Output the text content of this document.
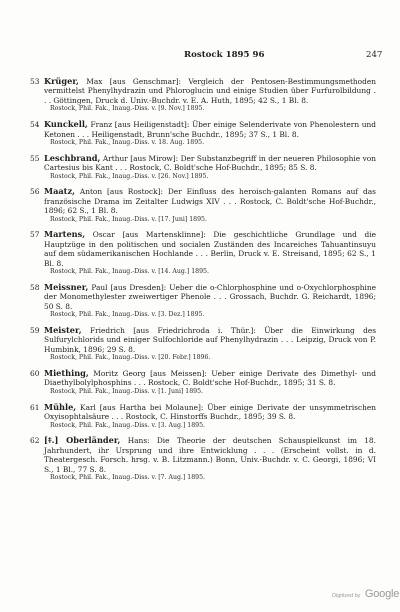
Rostock 1895 96	247
53 Krüger, Max [aus Genschmar]: Vergleich der Pentosen-Bestimmungsmethoden vermittelst Phenylhydrazin und Phloroglucin und einige Studien über Furfurolbildung . . . Göttingen, Druck d. Univ.-Buchdr. v. E. A. Huth, 1895; 42 S., 1 Bl. 8.
Rostock, Phil. Fak., Inaug.-Diss. v. [9. Nov.] 1895.
54 Kunckell, Franz [aus Heiligenstadt]: Über einige Selenderivate von Phenolestern und Ketonen . . . Heiligenstadt, Brunn'sche Buchdr., 1895; 37 S., 1 Bl. 8.
Rostock, Phil. Fak., Inaug.-Diss. v. 18. Aug. 1895.
55 Leschbrand, Arthur [aus Mirow]: Der Substanzbegriff in der neueren Philosophie von Cartesius bis Kant . . . Rostock, C. Boldt'sche Hof-Buchdr., 1895; 85 S. 8.
Rostock, Phil. Fak., Inaug.-Diss. v. [26. Nov.] 1895.
56 Maatz, Anton [aus Rostock]: Der Einfluss des heroisch-galanten Romans auf das französische Drama im Zeitalter Ludwigs XIV . . . Rostock, C. Boldt'sche Hof-Buchdr., 1896; 62 S., 1 Bl. 8.
Rostock, Phil. Fak., Inaug.-Diss. v. [17. Juni] 1895.
57 Martens, Oscar [aus Martensklinne]: Die geschichtliche Grundlage und die Hauptzüge in den politischen und socialen Zuständen des Incareiches Tahuantinsuyu auf dem südamerikanischen Hochlande . . . Berlin, Druck v. E. Streisand, 1895; 62 S., 1 Bl. 8.
Rostock, Phil. Fak., Inaug.-Diss. v. [14. Aug.] 1895.
58 Meissner, Paul [aus Dresden]: Ueber die o-Chlorphosphine und o-Oxychlorphosphine der Monomethylester zweiwertiger Phenole . . . Grossach, Buchdr. G. Reichardt, 1896; 50 S. 8.
Rostock, Phil. Fak., Inaug.-Diss. v. [3. Dez.] 1895.
59 Meister, Friedrich [aus Friedrichroda i. Thür.]: Über die Einwirkung des Sulfurylchlorids und einiger Sulfochloride auf Phenylhydrazin . . . Leipzig, Druck von P. Humbink, 1896; 29 S. 8.
Rostock, Phil. Fak., Inaug.-Diss. v. [20. Febr.] 1896.
60 Miething, Moritz Georg [aus Meissen]: Ueber einige Derivate des Dimethyl- und Diaethylbolylphosphins . . . Rostock, C. Boldt'sche Hof-Buchdr., 1895; 31 S. 8.
Rostock, Phil. Fak., Inaug.-Diss. v. [1. Juni] 1895.
61 Mühle, Karl [aus Hartha bei Molaune]: Über einige Derivate der unsymmetrischen Oxyisophtalsäure . . . Rostock, C. Hinstorffs Buchdr., 1895; 39 S. 8.
Rostock, Phil. Fak., Inaug.-Diss. v. [3. Aug.] 1895.
62 [ǂ.] Oberländer, Hans: Die Theorie der deutschen Schauspielkunst im 18. Jahrhundert, ihr Ursprung und ihre Entwicklung . . . (Erscheint vollst. in d. Theatergesch. Forsch. hrsg. v. B. Litzmann.) Bonn, Univ.-Buchdr. v. C. Georgi, 1896; VI S., 1 Bl., 77 S. 8.
Rostock, Phil. Fak., Inaug.-Diss. v. [7. Aug.] 1895.
Digitized by Google
